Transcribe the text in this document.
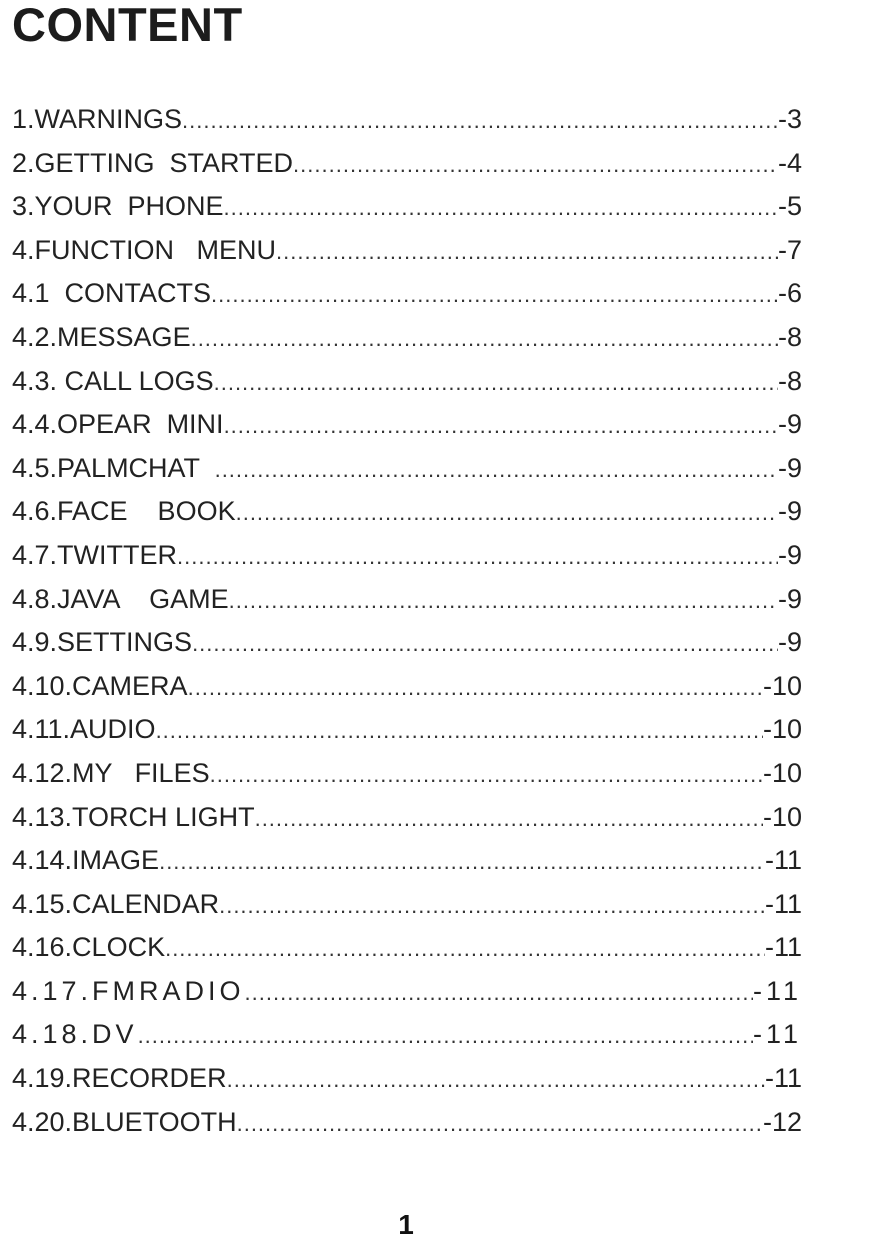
CONTENT
1.WARNINGS .....	-3
2.GETTING  STARTED .....	-4
3.YOUR  PHONE .....	-5
4.FUNCTION   MENU .....	-7
4.1  CONTACTS .....	-6
4.2.MESSAGE .....	-8
4.3. CALL LOGS .....	-8
4.4.OPEAR  MINI .....	-9
4.5.PALMCHAT .....	-9
4.6.FACE    BOOK .....	-9
4.7.TWITTER .....	-9
4.8.JAVA    GAME .....	-9
4.9.SETTINGS .....	-9
4.10.CAMERA .....	-10
4.11.AUDIO .....	-10
4.12.MY   FILES .....	-10
4.13.TORCH LIGHT .....	-10
4.14.IMAGE .....	-11
4.15.CALENDAR .....	-11
4.16.CLOCK .....	-11
4.17.FMRADIO .....	-11
4.18.DV .....	-11
4.19.RECORDER .....	-11
4.20.BLUETOOTH .....	-12
1
